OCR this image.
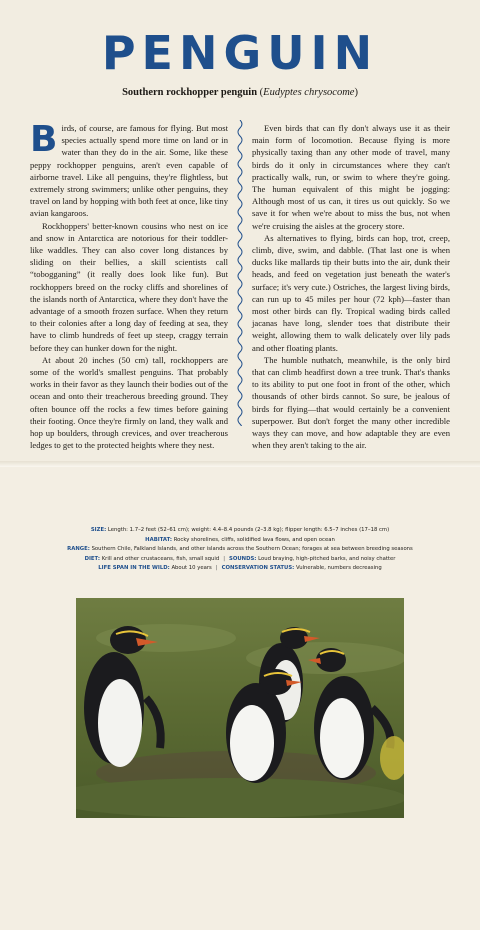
PENGUIN
Southern rockhopper penguin (Eudyptes chrysocome)

Birds, of course, are famous for flying. But most species actually spend more time on land or in water than they do in the air. Some, like these peppy rockhopper penguins, aren't even capable of airborne travel. Like all penguins, they're flightless, but extremely strong swimmers; unlike other penguins, they travel on land by hopping with both feet at once, like tiny avian kangaroos.

Rockhoppers' better-known cousins who nest on ice and snow in Antarctica are notorious for their toddler-like waddles. They can also cover long distances by sliding on their bellies, a skill scientists call “tobogganing” (it really does look like fun). But rockhoppers breed on the rocky cliffs and shorelines of the islands north of Antarctica, where they don't have the advantage of a smooth frozen surface. When they return to their colonies after a long day of feeding at sea, they have to climb hundreds of feet up steep, craggy terrain before they can hunker down for the night.

At about 20 inches (50 cm) tall, rockhoppers are some of the world's smallest penguins. That probably works in their favor as they launch their bodies out of the ocean and onto their treacherous breeding ground. They often bounce off the rocks a few times before gaining their footing. Once they're firmly on land, they walk and hop up boulders, through crevices, and over treacherous ledges to get to the protected heights where they nest.

Even birds that can fly don't always use it as their main form of locomotion. Because flying is more physically taxing than any other mode of travel, many birds do it only in circumstances where they can't practically walk, run, or swim to where they're going. The human equivalent of this might be jogging: Although most of us can, it tires us out quickly. So we save it for when we're about to miss the bus, not when we're cruising the aisles at the grocery store.

As alternatives to flying, birds can hop, trot, creep, climb, dive, swim, and dabble. (That last one is when ducks like mallards tip their butts into the air, dunk their heads, and feed on vegetation just beneath the water's surface; it's very cute.) Ostriches, the largest living birds, can run up to 45 miles per hour (72 kph)—faster than most other birds can fly. Tropical wading birds called jacanas have long, slender toes that distribute their weight, allowing them to walk delicately over lily pads and other floating plants.

The humble nuthatch, meanwhile, is the only bird that can climb headfirst down a tree trunk. That's thanks to its ability to put one foot in front of the other, which thousands of other birds cannot. So sure, be jealous of birds for flying—that would certainly be a convenient superpower. But don't forget the many other incredible ways they can move, and how adaptable they are even when they aren't taking to the air.

SIZE: Length: 1.7–2 feet (52–61 cm); weight: 4.4–8.4 pounds (2–3.8 kg); flipper length: 6.5–7 inches (17–18 cm)
HABITAT: Rocky shorelines, cliffs, solidified lava flows, and open ocean
RANGE: Southern Chile, Falkland Islands, and other islands across the Southern Ocean; forages at sea between breeding seasons
DIET: Krill and other crustaceans, fish, small squid | SOUNDS: Loud braying, high-pitched barks, and noisy chatter
LIFE SPAN IN THE WILD: About 10 years | CONSERVATION STATUS: Vulnerable, numbers decreasing
